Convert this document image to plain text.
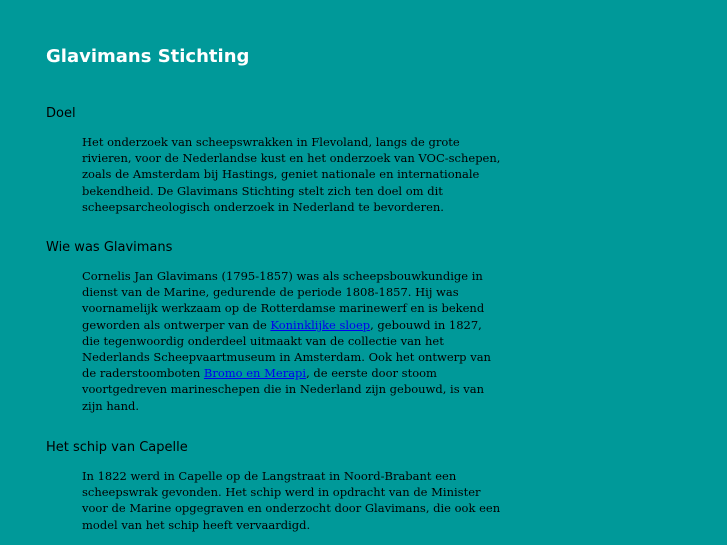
Glavimans Stichting
Doel

Het onderzoek van scheepswrakken in Flevoland, langs de grote rivieren, voor de Nederlandse kust en het onderzoek van VOC-schepen, zoals de Amsterdam bij Hastings, geniet nationale en internationale bekendheid. De Glavimans Stichting stelt zich ten doel om dit scheepsarcheologisch onderzoek in Nederland te bevorderen.

Wie was Glavimans

Cornelis Jan Glavimans (1795-1857) was als scheepsbouwkundige in dienst van de Marine, gedurende de periode 1808-1857. Hij was voornamelijk werkzaam op de Rotterdamse marinewerf en is bekend geworden als ontwerper van de Koninklijke sloep, gebouwd in 1827, die tegenwoordig onderdeel uitmaakt van de collectie van het Nederlands Scheepvaartmuseum in Amsterdam. Ook het ontwerp van de raderstoomboten Bromo en Merapi, de eerste door stoom voortgedreven marineschepen die in Nederland zijn gebouwd, is van zijn hand.

Het schip van Capelle

In 1822 werd in Capelle op de Langstraat in Noord-Brabant een scheepswrak gevonden. Het schip werd in opdracht van de Minister voor de Marine opgegraven en onderzocht door Glavimans, die ook een model van het schip heeft vervaardigd.
